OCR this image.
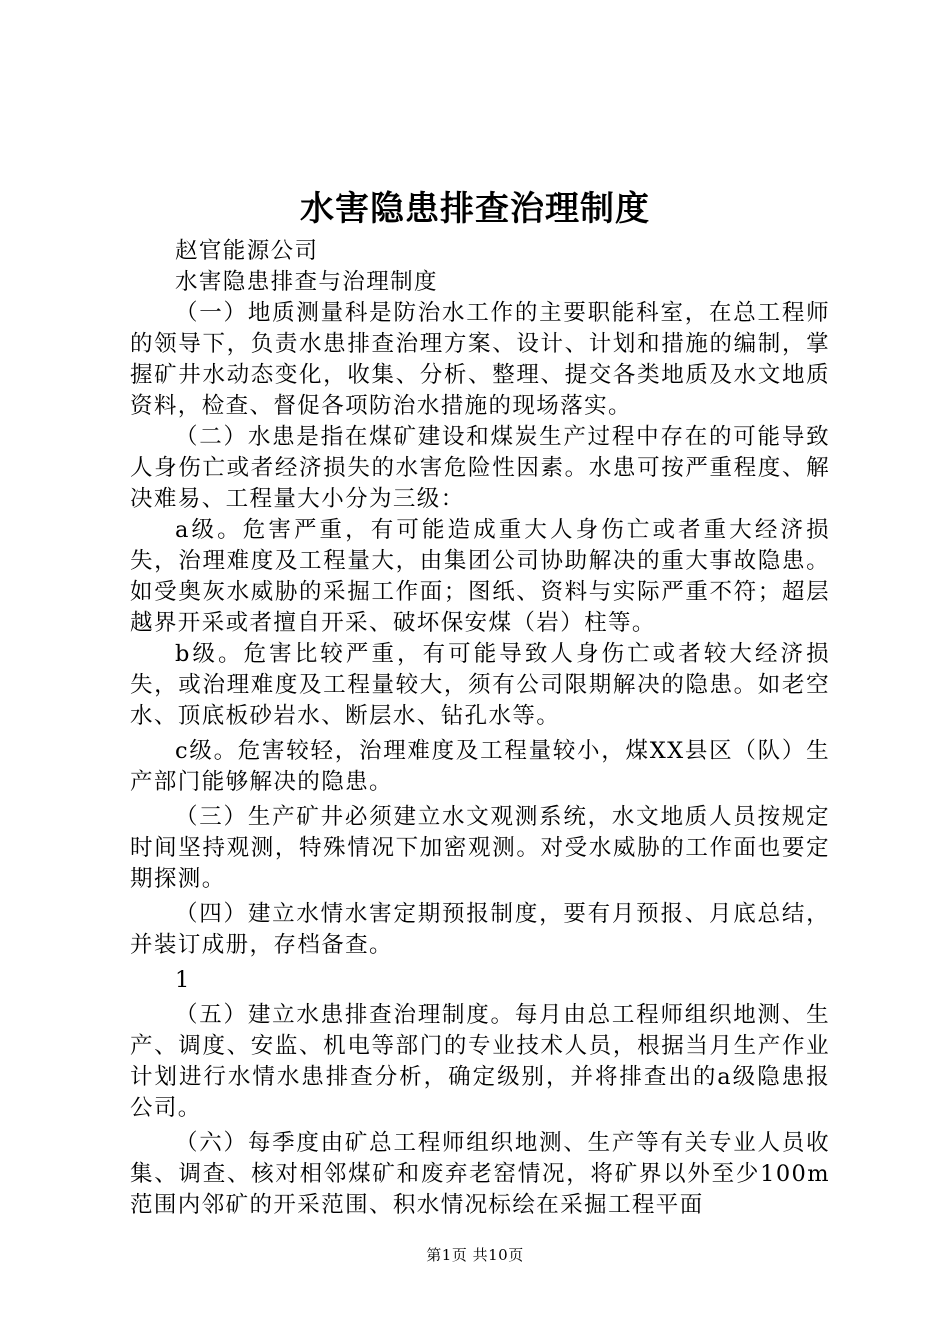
水害隐患排查治理制度

赵官能源公司

水害隐患排查与治理制度

（一）地质测量科是防治水工作的主要职能科室，在总工程师的领导下，负责水患排查治理方案、设计、计划和措施的编制，掌握矿井水动态变化，收集、分析、整理、提交各类地质及水文地质资料，检查、督促各项防治水措施的现场落实。

（二）水患是指在煤矿建设和煤炭生产过程中存在的可能导致人身伤亡或者经济损失的水害危险性因素。水患可按严重程度、解决难易、工程量大小分为三级：

a级。危害严重，有可能造成重大人身伤亡或者重大经济损失，治理难度及工程量大，由集团公司协助解决的重大事故隐患。如受奥灰水威胁的采掘工作面；图纸、资料与实际严重不符；超层越界开采或者擅自开采、破坏保安煤（岩）柱等。

b级。危害比较严重，有可能导致人身伤亡或者较大经济损失，或治理难度及工程量较大，须有公司限期解决的隐患。如老空水、顶底板砂岩水、断层水、钻孔水等。

c级。危害较轻，治理难度及工程量较小，煤XX县区（队）生产部门能够解决的隐患。

（三）生产矿井必须建立水文观测系统，水文地质人员按规定时间坚持观测，特殊情况下加密观测。对受水威胁的工作面也要定期探测。

（四）建立水情水害定期预报制度，要有月预报、月底总结，并装订成册，存档备查。

1

（五）建立水患排查治理制度。每月由总工程师组织地测、生产、调度、安监、机电等部门的专业技术人员，根据当月生产作业计划进行水情水患排查分析，确定级别，并将排查出的a级隐患报公司。

（六）每季度由矿总工程师组织地测、生产等有关专业人员收集、调查、核对相邻煤矿和废弃老窑情况，将矿界以外至少100m范围内邻矿的开采范围、积水情况标绘在采掘工程平面

第1页 共10页
